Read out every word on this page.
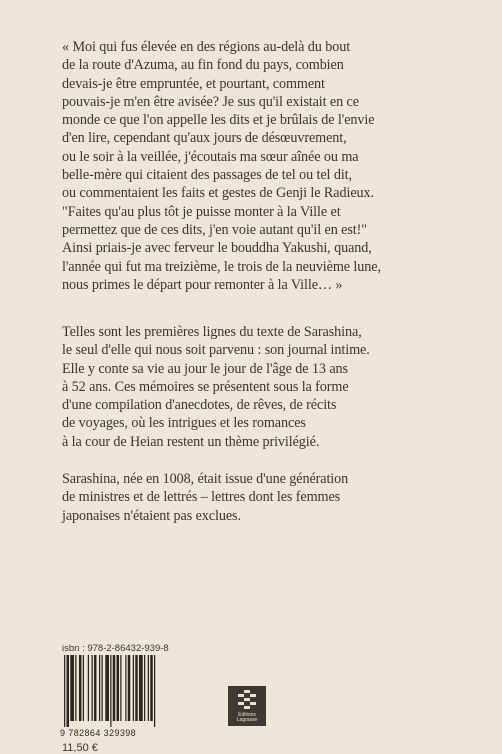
« Moi qui fus élevée en des régions au-delà du bout
de la route d'Azuma, au fin fond du pays, combien
devais-je être empruntée, et pourtant, comment
pouvais-je m'en être avisée? Je sus qu'il existait en ce
monde ce que l'on appelle les dits et je brûlais de l'envie
d'en lire, cependant qu'aux jours de désœuvrement,
ou le soir à la veillée, j'écoutais ma sœur aînée ou ma
belle-mère qui citaient des passages de tel ou tel dit,
ou commentaient les faits et gestes de Genji le Radieux.
"Faites qu'au plus tôt je puisse monter à la Ville et
permettez que de ces dits, j'en voie autant qu'il en est!"
Ainsi priais-je avec ferveur le bouddha Yakushi, quand,
l'année qui fut ma treizième, le trois de la neuvième lune,
nous primes le départ pour remonter à la Ville… »
Telles sont les premières lignes du texte de Sarashina,
le seul d'elle qui nous soit parvenu : son journal intime.
Elle y conte sa vie au jour le jour de l'âge de 13 ans
à 52 ans. Ces mémoires se présentent sous la forme
d'une compilation d'anecdotes, de rêves, de récits
de voyages, où les intrigues et les romances
à la cour de Heian restent un thème privilégié.
Sarashina, née en 1008, était issue d'une génération
de ministres et de lettrés – lettres dont les femmes
japonaises n'étaient pas exclues.
isbn : 978-2-86432-939-8
9 782864 329398
Éditions Lagrasse
11,50 €
